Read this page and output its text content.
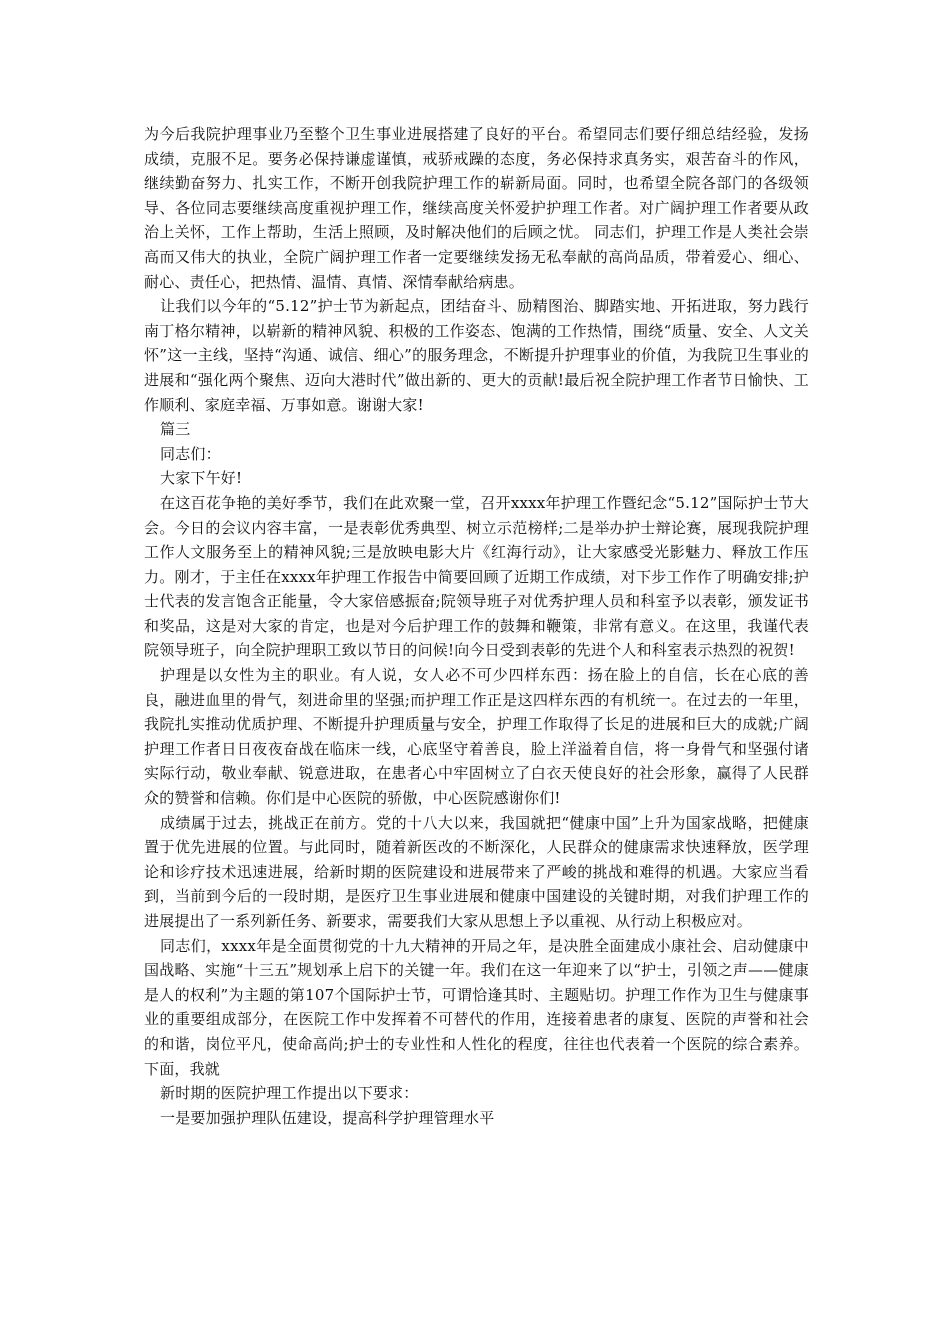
为今后我院护理事业乃至整个卫生事业进展搭建了良好的平台。希望同志们要仔细总结经验，发扬成绩，克服不足。要务必保持谦虚谨慎，戒骄戒躁的态度，务必保持求真务实，艰苦奋斗的作风，继续勤奋努力、扎实工作，不断开创我院护理工作的崭新局面。同时，也希望全院各部门的各级领导、各位同志要继续高度重视护理工作，继续高度关怀爱护护理工作者。对广阔护理工作者要从政治上关怀，工作上帮助，生活上照顾，及时解决他们的后顾之忧。 同志们，护理工作是人类社会崇高而又伟大的执业，全院广阔护理工作者一定要继续发扬无私奉献的高尚品质，带着爱心、细心、耐心、责任心，把热情、温情、真情、深情奉献给病患。

让我们以今年的“5.12”护士节为新起点，团结奋斗、励精图治、脚踏实地、开拓进取，努力践行南丁格尔精神，以崭新的精神风貌、积极的工作姿态、饱满的工作热情，围绕“质量、安全、人文关怀”这一主线，坚持“沟通、诚信、细心”的服务理念，不断提升护理事业的价值，为我院卫生事业的进展和“强化两个聚焦、迈向大港时代”做出新的、更大的贡献!最后祝全院护理工作者节日愉快、工作顺利、家庭幸福、万事如意。谢谢大家!

篇三

同志们：

大家下午好!

在这百花争艳的美好季节，我们在此欢聚一堂，召开xxxx年护理工作暨纪念“5.12”国际护士节大会。今日的会议内容丰富，一是表彰优秀典型、树立示范榜样;二是举办护士辩论赛，展现我院护理工作人文服务至上的精神风貌;三是放映电影大片《红海行动》，让大家感受光影魅力、释放工作压力。刚才，于主任在xxxx年护理工作报告中简要回顾了近期工作成绩，对下步工作作了明确安排;护士代表的发言饱含正能量，令大家倍感振奋;院领导班子对优秀护理人员和科室予以表彰，颁发证书和奖品，这是对大家的肯定，也是对今后护理工作的鼓舞和鞭策，非常有意义。在这里，我谨代表院领导班子，向全院护理职工致以节日的问候!向今日受到表彰的先进个人和科室表示热烈的祝贺!

护理是以女性为主的职业。有人说，女人必不可少四样东西：扬在脸上的自信，长在心底的善良，融进血里的骨气，刻进命里的坚强;而护理工作正是这四样东西的有机统一。在过去的一年里，我院扎实推动优质护理、不断提升护理质量与安全，护理工作取得了长足的进展和巨大的成就;广阔护理工作者日日夜夜奋战在临床一线，心底坚守着善良，脸上洋溢着自信，将一身骨气和坚强付诸实际行动，敬业奉献、锐意进取，在患者心中牢固树立了白衣天使良好的社会形象，赢得了人民群众的赞誉和信赖。你们是中心医院的骄傲，中心医院感谢你们!

成绩属于过去，挑战正在前方。党的十八大以来，我国就把“健康中国”上升为国家战略，把健康置于优先进展的位置。与此同时，随着新医改的不断深化，人民群众的健康需求快速释放，医学理论和诊疗技术迅速进展，给新时期的医院建设和进展带来了严峻的挑战和难得的机遇。大家应当看到，当前到今后的一段时期，是医疗卫生事业进展和健康中国建设的关键时期，对我们护理工作的进展提出了一系列新任务、新要求，需要我们大家从思想上予以重视、从行动上积极应对。

同志们，xxxx年是全面贯彻党的十九大精神的开局之年，是决胜全面建成小康社会、启动健康中国战略、实施“十三五”规划承上启下的关键一年。我们在这一年迎来了以“护士，引领之声——健康是人的权利”为主题的第107个国际护士节，可谓恰逢其时、主题贴切。护理工作作为卫生与健康事业的重要组成部分，在医院工作中发挥着不可替代的作用，连接着患者的康复、医院的声誉和社会的和谐，岗位平凡，使命高尚;护士的专业性和人性化的程度，往往也代表着一个医院的综合素养。下面，我就

新时期的医院护理工作提出以下要求：

一是要加强护理队伍建设，提高科学护理管理水平
